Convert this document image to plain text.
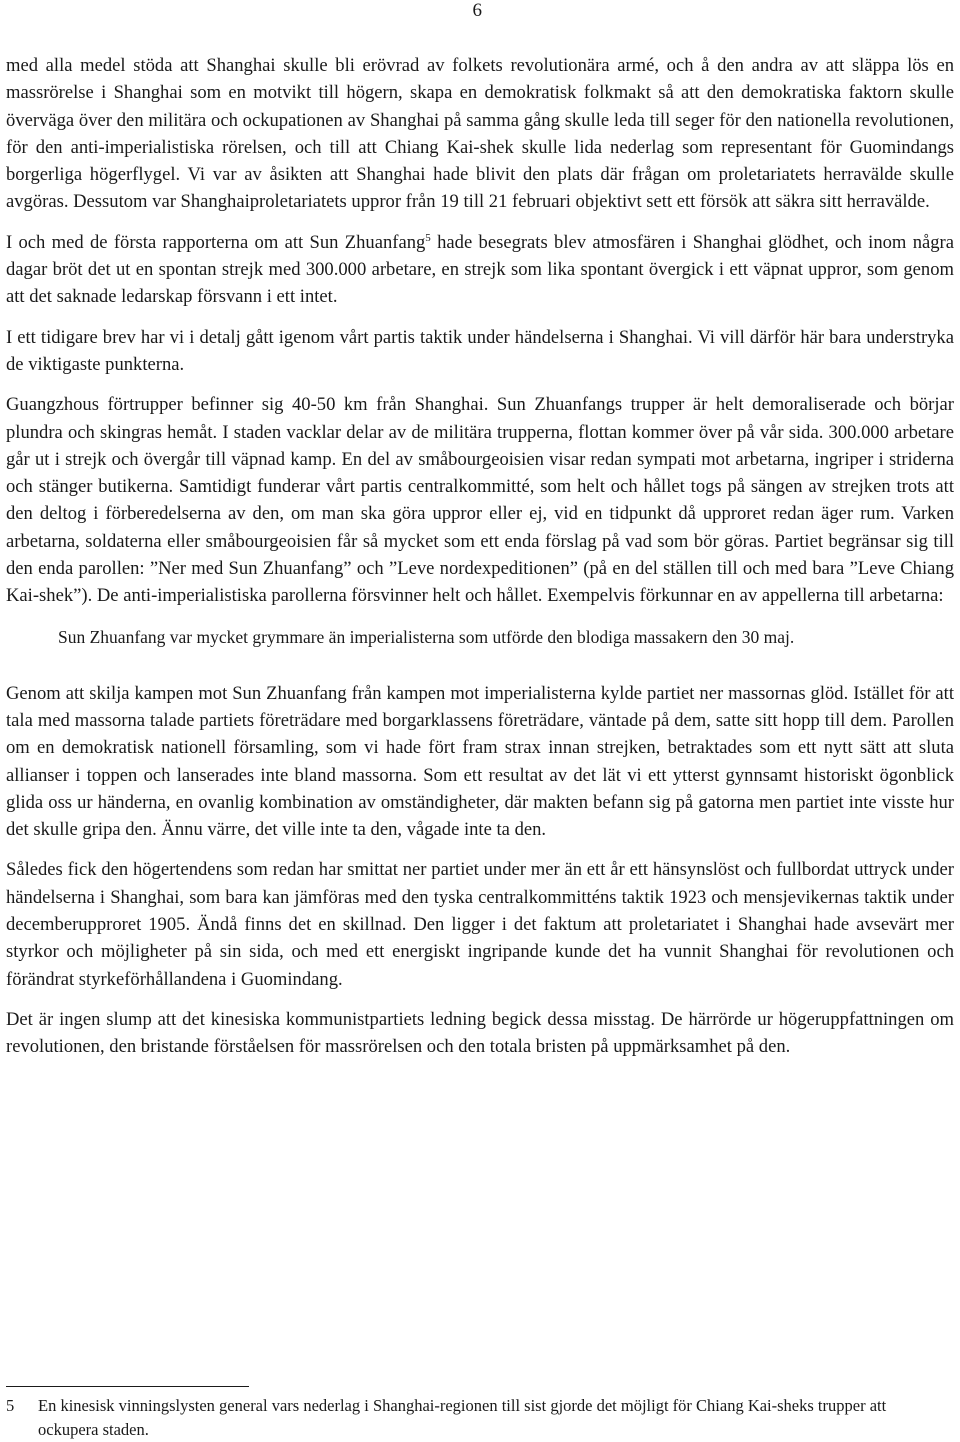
6

med alla medel stöda att Shanghai skulle bli erövrad av folkets revolutionära armé, och å den andra av att släppa lös en massrörelse i Shanghai som en motvikt till högern, skapa en demokratisk folkmakt så att den demokratiska faktorn skulle överväga över den militära och ockupationen av Shanghai på samma gång skulle leda till seger för den nationella revolutionen, för den anti-imperialistiska rörelsen, och till att Chiang Kai-shek skulle lida nederlag som representant för Guomindangs borgerliga högerflygel. Vi var av åsikten att Shanghai hade blivit den plats där frågan om proletariatets herravälde skulle avgöras. Dessutom var Shanghaiproletariatets uppror från 19 till 21 februari objektivt sett ett försök att säkra sitt herravälde.

I och med de första rapporterna om att Sun Zhuanfang$^5$ hade besegrats blev atmosfären i Shanghai glödhet, och inom några dagar bröt det ut en spontan strejk med 300.000 arbetare, en strejk som lika spontant övergick i ett väpnat uppror, som genom att det saknade ledarskap försvann i ett intet.

I ett tidigare brev har vi i detalj gått igenom vårt partis taktik under händelserna i Shanghai. Vi vill därför här bara understryka de viktigaste punkterna.

Guangzhous förtrupper befinner sig 40-50 km från Shanghai. Sun Zhuanfangs trupper är helt demoraliserade och börjar plundra och skingras hemåt. I staden vacklar delar av de militära trupperna, flottan kommer över på vår sida. 300.000 arbetare går ut i strejk och övergår till väpnad kamp. En del av småbourgeoisien visar redan sympati mot arbetarna, ingriper i striderna och stänger butikerna. Samtidigt funderar vårt partis centralkommitté, som helt och hållet togs på sängen av strejken trots att den deltog i förberedelserna av den, om man ska göra uppror eller ej, vid en tidpunkt då upproret redan äger rum. Varken arbetarna, soldaterna eller småbourgeoisien får så mycket som ett enda förslag på vad som bör göras. Partiet begränsar sig till den enda parollen: ”Ner med Sun Zhuanfang” och ”Leve nordexpeditionen” (på en del ställen till och med bara ”Leve Chiang Kai-shek”). De anti-imperialistiska parollerna försvinner helt och hållet. Exempelvis förkunnar en av appellerna till arbetarna:

Sun Zhuanfang var mycket grymmare än imperialisterna som utförde den blodiga massakern den 30 maj.

Genom att skilja kampen mot Sun Zhuanfang från kampen mot imperialisterna kylde partiet ner massornas glöd. Istället för att tala med massorna talade partiets företrädare med borgarklassens företrädare, väntade på dem, satte sitt hopp till dem. Parollen om en demokratisk nationell församling, som vi hade fört fram strax innan strejken, betraktades som ett nytt sätt att sluta allianser i toppen och lanserades inte bland massorna. Som ett resultat av det lät vi ett ytterst gynnsamt historiskt ögonblick glida oss ur händerna, en ovanlig kombination av omständigheter, där makten befann sig på gatorna men partiet inte visste hur det skulle gripa den. Ännu värre, det ville inte ta den, vågade inte ta den.

Således fick den högertendens som redan har smittat ner partiet under mer än ett år ett hänsynslöst och fullbordat uttryck under händelserna i Shanghai, som bara kan jämföras med den tyska centralkommitténs taktik 1923 och mensjevikernas taktik under decemberupproret 1905. Ändå finns det en skillnad. Den ligger i det faktum att proletariatet i Shanghai hade avsevärt mer styrkor och möjligheter på sin sida, och med ett energiskt ingripande kunde det ha vunnit Shanghai för revolutionen och förändrat styrkeförhållandena i Guomindang.

Det är ingen slump att det kinesiska kommunistpartiets ledning begick dessa misstag. De härrörde ur högeruppfattningen om revolutionen, den bristande förståelsen för massrörelsen och den totala bristen på uppmärksamhet på den.

5	En kinesisk vinningslysten general vars nederlag i Shanghai-regionen till sist gjorde det möjligt för Chiang Kai-sheks trupper att ockupera staden.
